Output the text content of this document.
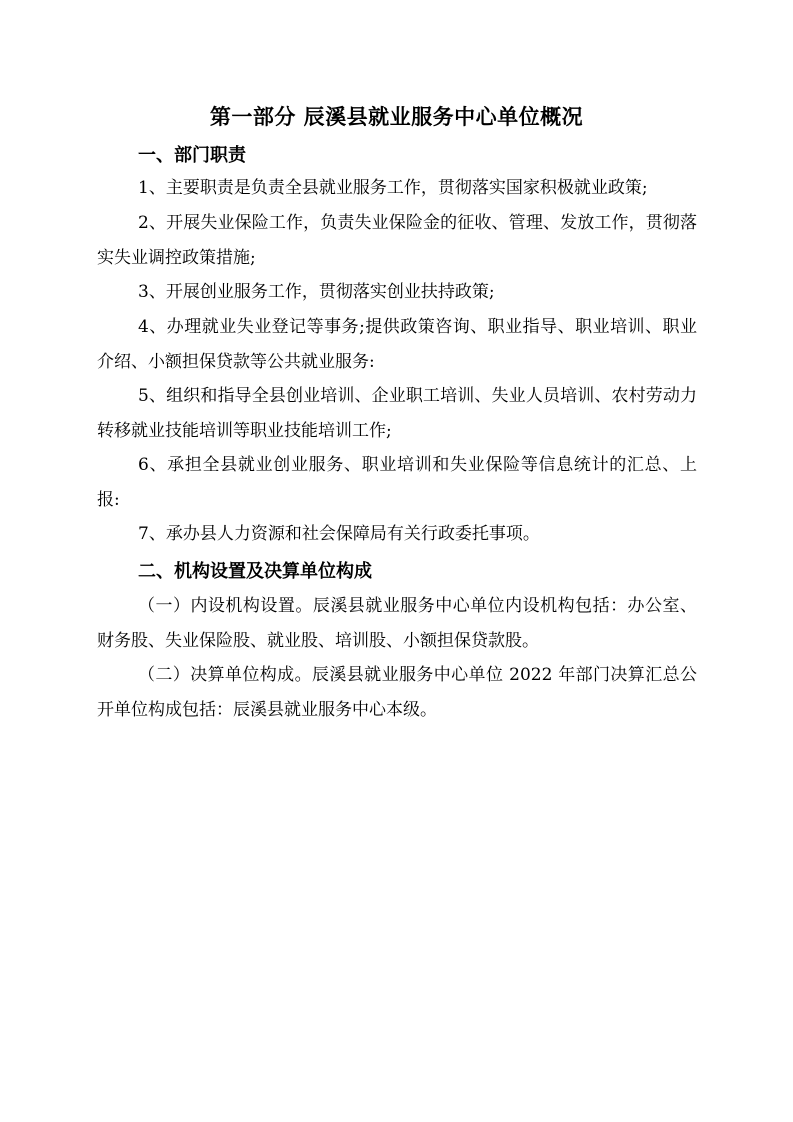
第一部分 辰溪县就业服务中心单位概况
一、部门职责

1、主要职责是负责全县就业服务工作，贯彻落实国家积极就业政策;

2、开展失业保险工作，负责失业保险金的征收、管理、发放工作，贯彻落实失业调控政策措施;

3、开展创业服务工作，贯彻落实创业扶持政策;

4、办理就业失业登记等事务;提供政策咨询、职业指导、职业培训、职业介绍、小额担保贷款等公共就业服务:

5、组织和指导全县创业培训、企业职工培训、失业人员培训、农村劳动力转移就业技能培训等职业技能培训工作;

6、承担全县就业创业服务、职业培训和失业保险等信息统计的汇总、上报:

7、承办县人力资源和社会保障局有关行政委托事项。

二、机构设置及决算单位构成

（一）内设机构设置。辰溪县就业服务中心单位内设机构包括：办公室、财务股、失业保险股、就业股、培训股、小额担保贷款股。

（二）决算单位构成。辰溪县就业服务中心单位 2022 年部门决算汇总公开单位构成包括：辰溪县就业服务中心本级。
